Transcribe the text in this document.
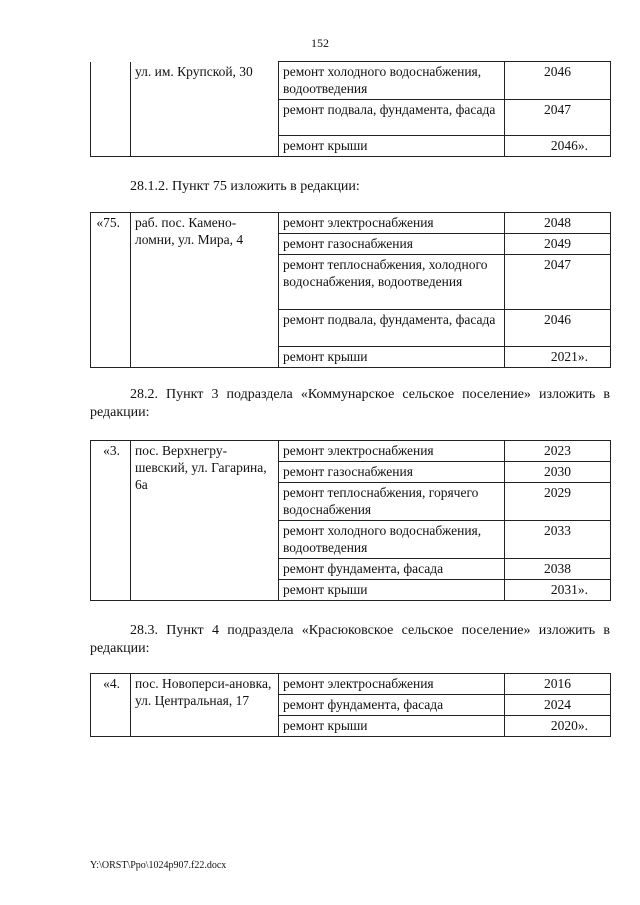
152
	ул. им. Крупской, 30	ремонт холодного водоснабжения, водоотведения	2046
		ремонт подвала, фундамента, фасада	2047
		ремонт крыши	2046».
28.1.2. Пункт 75 изложить в редакции:
«75.	раб. пос. Камено-ломни, ул. Мира, 4	ремонт электроснабжения	2048
		ремонт газоснабжения	2049
		ремонт теплоснабжения, холодного водоснабжения, водоотведения	2047
		ремонт подвала, фундамента, фасада	2046
		ремонт крыши	2021».
28.2. Пункт 3 подраздела «Коммунарское сельское поселение» изложить в редакции:
«3.	пос. Верхнегру-шевский, ул. Гагарина, 6а	ремонт электроснабжения	2023
		ремонт газоснабжения	2030
		ремонт теплоснабжения, горячего водоснабжения	2029
		ремонт холодного водоснабжения, водоотведения	2033
		ремонт фундамента, фасада	2038
		ремонт крыши	2031».
28.3. Пункт 4 подраздела «Красюковское сельское поселение» изложить в редакции:
«4.	пос. Новоперси-ановка, ул. Центральная, 17	ремонт электроснабжения	2016
		ремонт фундамента, фасада	2024
		ремонт крыши	2020».
Y:\ORST\Ppo\1024p907.f22.docx
